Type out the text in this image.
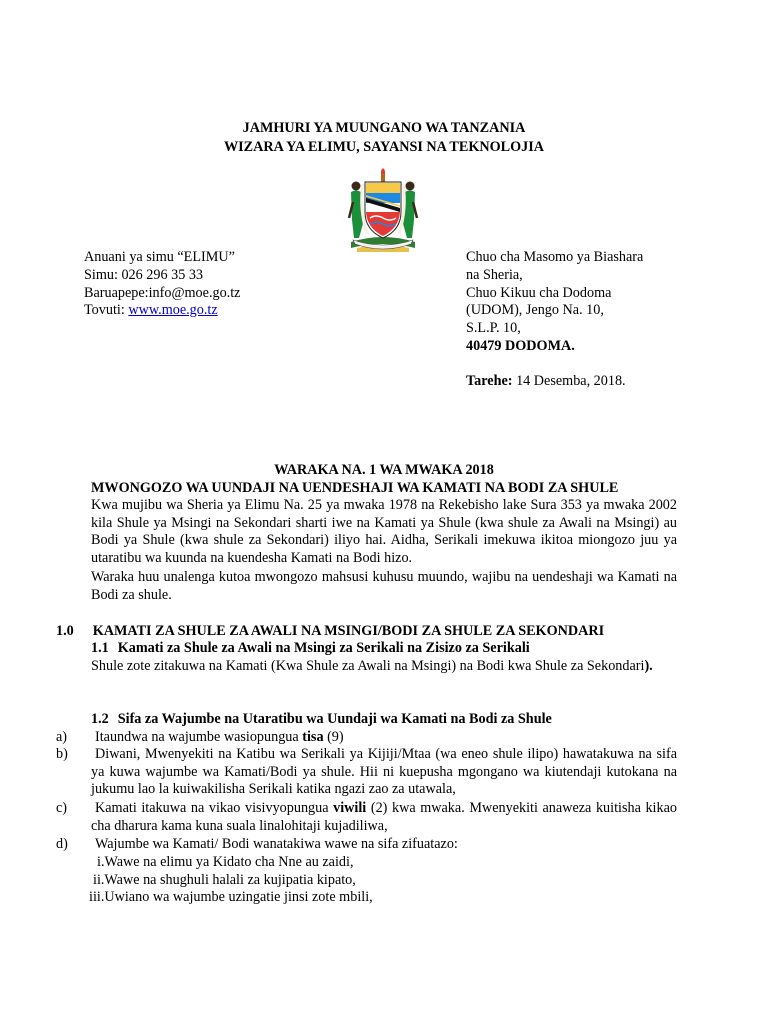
JAMHURI YA MUUNGANO WA TANZANIA
WIZARA YA ELIMU, SAYANSI NA TEKNOLOJIA
Anuani ya simu “ELIMU”
Simu: 026 296 35 33
Baruapepe:info@moe.go.tz
Tovuti: www.moe.go.tz
Chuo cha Masomo ya Biashara
na Sheria,
Chuo Kikuu cha Dodoma
(UDOM), Jengo Na. 10,
S.L.P. 10,
40479 DODOMA.
Tarehe: 14 Desemba, 2018.
WARAKA NA. 1 WA MWAKA 2018
MWONGOZO WA UUNDAJI NA UENDESHAJI WA KAMATI NA BODI ZA SHULE
Kwa mujibu wa Sheria ya Elimu Na. 25 ya mwaka 1978 na Rekebisho lake Sura 353 ya mwaka 2002 kila Shule ya Msingi na Sekondari sharti iwe na Kamati ya Shule (kwa shule za Awali na Msingi) au Bodi ya Shule (kwa shule za Sekondari) iliyo hai. Aidha, Serikali imekuwa ikitoa miongozo juu ya utaratibu wa kuunda na kuendesha Kamati na Bodi hizo.
Waraka huu unalenga kutoa mwongozo mahsusi kuhusu muundo, wajibu na uendeshaji wa Kamati na Bodi za shule.
1.0 KAMATI ZA SHULE ZA AWALI NA MSINGI/BODI ZA SHULE ZA SEKONDARI
1.1 Kamati za Shule za Awali na Msingi za Serikali na Zisizo za Serikali
Shule zote zitakuwa na Kamati (Kwa Shule za Awali na Msingi) na Bodi kwa Shule za Sekondari).
1.2 Sifa za Wajumbe na Utaratibu wa Uundaji wa Kamati na Bodi za Shule
a) Itaundwa na wajumbe wasiopungua tisa (9)
b) Diwani, Mwenyekiti na Katibu wa Serikali ya Kijiji/Mtaa (wa eneo shule ilipo) hawatakuwa na sifa ya kuwa wajumbe wa Kamati/Bodi ya shule. Hii ni kuepusha mgongano wa kiutendaji kutokana na jukumu lao la kuiwakilisha Serikali katika ngazi zao za utawala,
c) Kamati itakuwa na vikao visivyopungua viwili (2) kwa mwaka. Mwenyekiti anaweza kuitisha kikao cha dharura kama kuna suala linalohitaji kujadiliwa,
d) Wajumbe wa Kamati/ Bodi wanatakiwa wawe na sifa zifuatazo:
i.Wawe na elimu ya Kidato cha Nne au zaidi,
ii.Wawe na shughuli halali za kujipatia kipato,
iii.Uwiano wa wajumbe uzingatie jinsi zote mbili,
